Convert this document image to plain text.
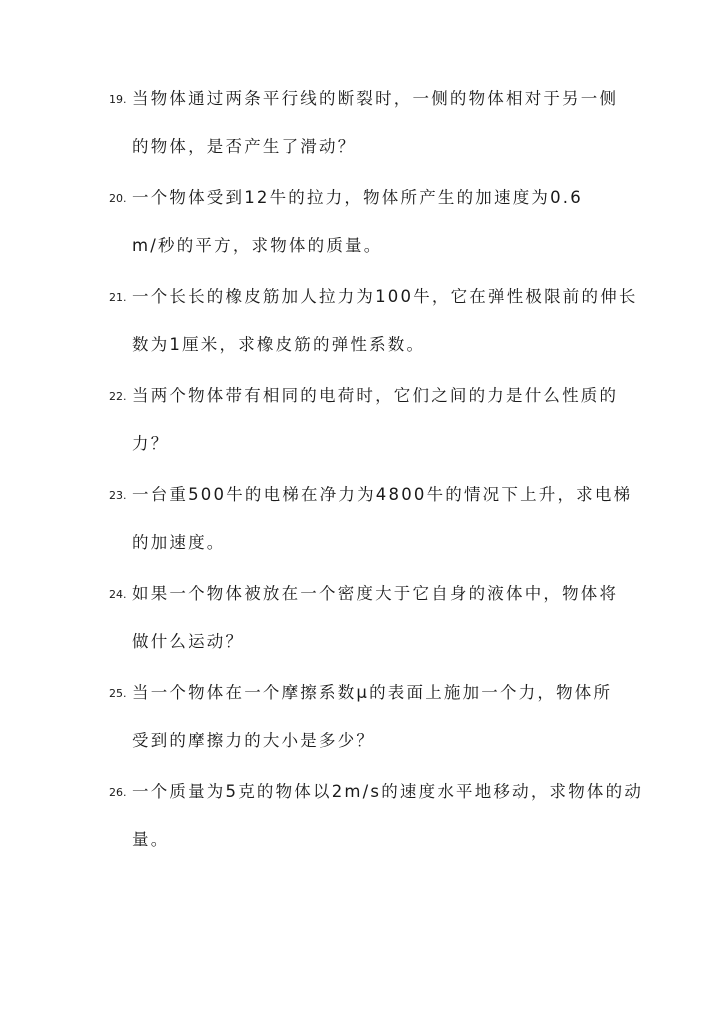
19. 当物体通过两条平行线的断裂时，一侧的物体相对于另一侧
的物体，是否产生了滑动？
20. 一个物体受到12牛的拉力，物体所产生的加速度为0.6
m/秒的平方，求物体的质量。
21. 一个长长的橡皮筋加人拉力为100牛，它在弹性极限前的伸长
数为1厘米，求橡皮筋的弹性系数。
22. 当两个物体带有相同的电荷时，它们之间的力是什么性质的
力？
23. 一台重500牛的电梯在净力为4800牛的情况下上升，求电梯
的加速度。
24. 如果一个物体被放在一个密度大于它自身的液体中，物体将
做什么运动？
25. 当一个物体在一个摩擦系数μ的表面上施加一个力，物体所
受到的摩擦力的大小是多少？
26. 一个质量为5克的物体以2m/s的速度水平地移动，求物体的动
量。
